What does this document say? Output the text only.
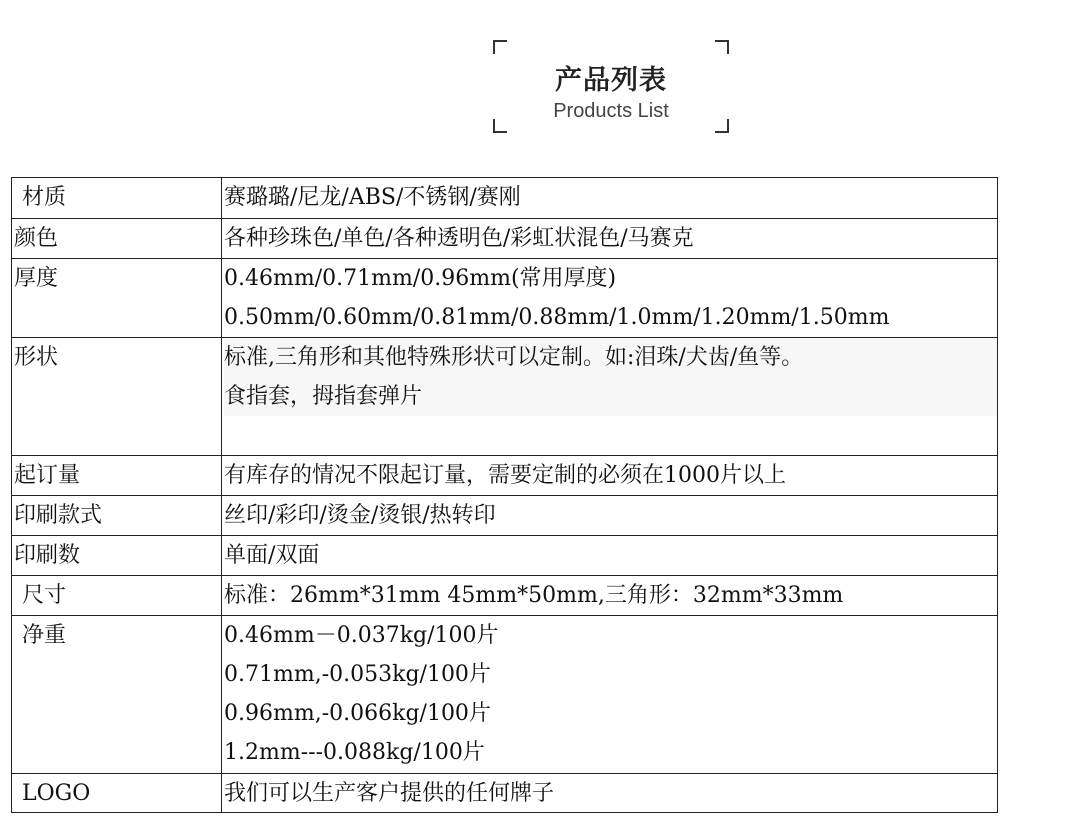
产品列表
Products List
材质	赛璐璐/尼龙/ABS/不锈钢/赛刚
颜色	各种珍珠色/单色/各种透明色/彩虹状混色/马赛克
厚度	0.46mm/0.71mm/0.96mm(常用厚度)
0.50mm/0.60mm/0.81mm/0.88mm/1.0mm/1.20mm/1.50mm
形状	标准,三角形和其他特殊形状可以定制。如:泪珠/犬齿/鱼等。
食指套，拇指套弹片
起订量	有库存的情况不限起订量，需要定制的必须在1000片以上
印刷款式	丝印/彩印/烫金/烫银/热转印
印刷数	单面/双面
尺寸	标准：26mm*31mm 45mm*50mm,三角形：32mm*33mm
净重	0.46mm－0.037kg/100片
0.71mm,-0.053kg/100片
0.96mm,-0.066kg/100片
1.2mm---0.088kg/100片
LOGO	我们可以生产客户提供的任何牌子
